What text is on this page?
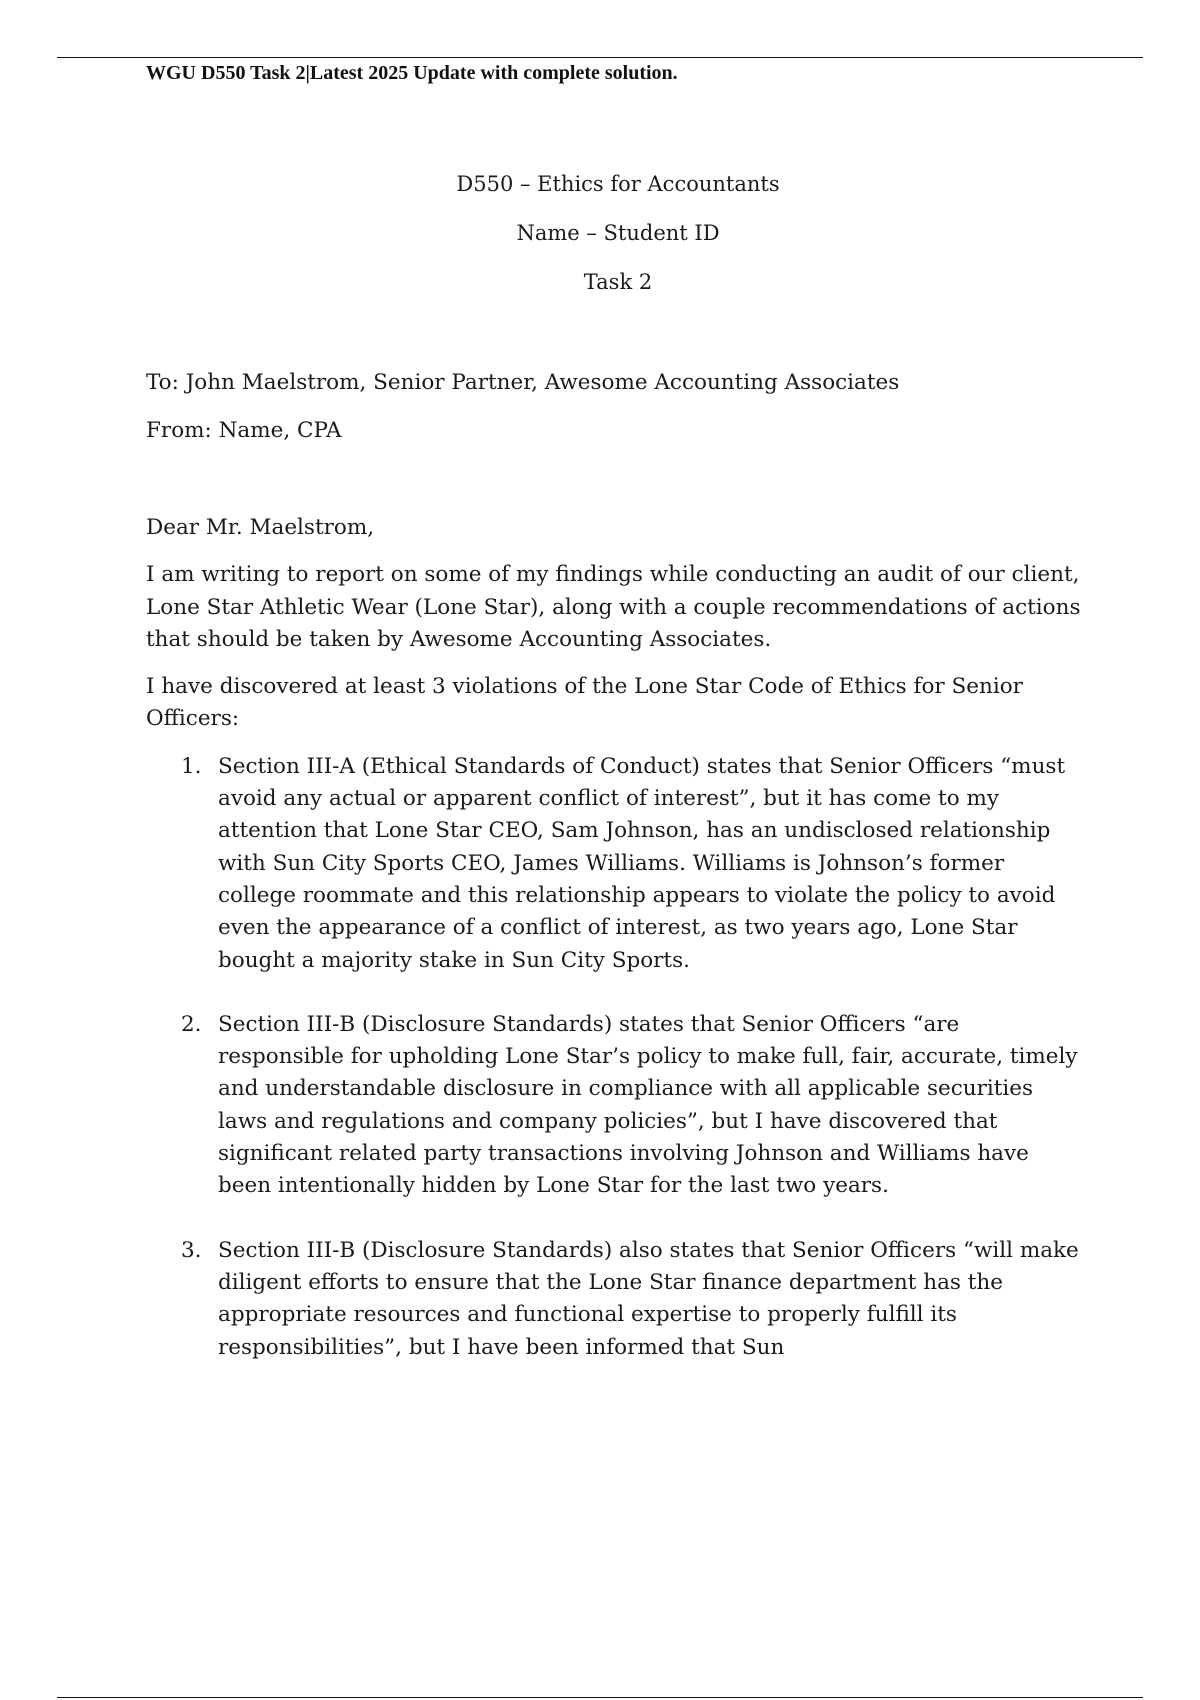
WGU D550 Task 2|Latest 2025 Update with complete solution.
D550 – Ethics for Accountants
Name – Student ID
Task 2
To: John Maelstrom, Senior Partner, Awesome Accounting Associates
From: Name, CPA

Dear Mr. Maelstrom,

I am writing to report on some of my findings while conducting an audit of our client, Lone Star Athletic Wear (Lone Star), along with a couple recommendations of actions that should be taken by Awesome Accounting Associates.

I have discovered at least 3 violations of the Lone Star Code of Ethics for Senior Officers:

1. Section III-A (Ethical Standards of Conduct) states that Senior Officers “must avoid any actual or apparent conflict of interest”, but it has come to my attention that Lone Star CEO, Sam Johnson, has an undisclosed relationship with Sun City Sports CEO, James Williams. Williams is Johnson’s former college roommate and this relationship appears to violate the policy to avoid even the appearance of a conflict of interest, as two years ago, Lone Star bought a majority stake in Sun City Sports.
2. Section III-B (Disclosure Standards) states that Senior Officers “are responsible for upholding Lone Star’s policy to make full, fair, accurate, timely and understandable disclosure in compliance with all applicable securities laws and regulations and company policies”, but I have discovered that significant related party transactions involving Johnson and Williams have been intentionally hidden by Lone Star for the last two years.
3. Section III-B (Disclosure Standards) also states that Senior Officers “will make diligent efforts to ensure that the Lone Star finance department has the appropriate resources and functional expertise to properly fulfill its responsibilities”, but I have been informed that Sun
